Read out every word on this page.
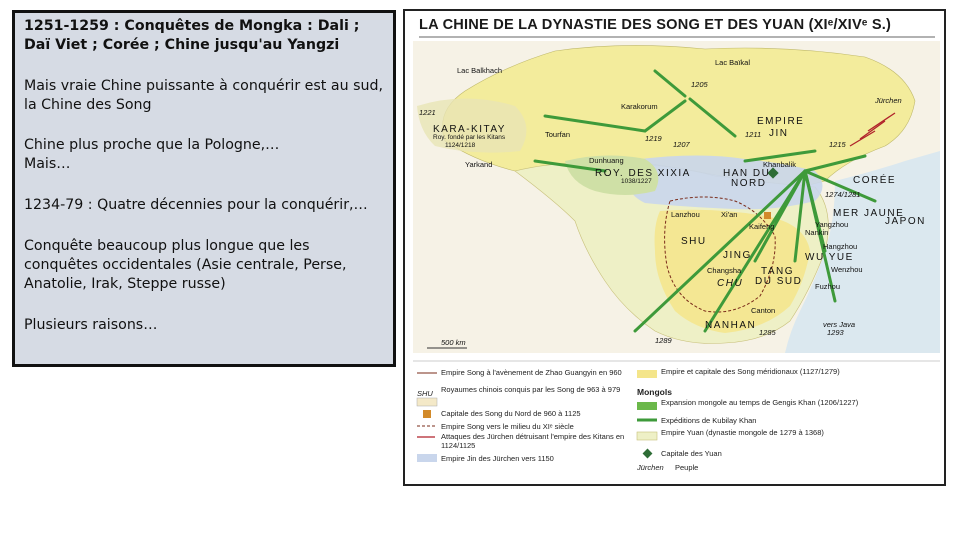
1251-1259 : Conquêtes de Mongka : Dali ; Daï Viet ; Corée ; Chine jusqu'au Yangzi

Mais vraie Chine puissante à conquérir est au sud, la Chine des Song

Chine plus proche que la Pologne,…
Mais…

1234-79 : Quatre décennies pour la conquérir,…

Conquête beaucoup plus longue que les conquêtes occidentales (Asie centrale, Perse, Anatolie, Irak, Steppe russe)

Plusieurs raisons…

LA CHINE DE LA DYNASTIE DES SONG ET DES YUAN (XIᵉ/XIVᵉ S.)
Lac Balkhach
Lac Baïkal
Karakorum
EMPIRE
JIN
Jürchen
KARA-KITAY
Roy. fondé par les Kitans
1124/1218
Tourfan
Yarkand	Dunhuang
ROY. DES XIXIA
1038/1227
Khanbalik
HAN DU
NORD	CORÉE
MER JAUNE
JAPON
Lanzhou	Xi'an
Kaifeng
Nankin
Yangzhou
Hangzhou
SHU
JING	WU YUE
Changsha TANG
DU SUD
CHU
Wenzhou
Fuzhou
Canton
NANHAN	vers Java
1293
500 km
1221
1205
1207
1211
1215
1219
1274/1281
1289
1285
Empire Song à l'avènement de Zhao Guangyin en 960
SHU Royaumes chinois conquis par les Song de 963 à 979
Capitale des Song du Nord de 960 à 1125
Empire Song vers le milieu du XIᵉ siècle
Attaques des Jürchen détruisant l'empire des Kitans en 1124/1125
Empire Jin des Jürchen vers 1150
Empire et capitale des Song méridionaux (1127/1279)
Mongols
Expansion mongole au temps de Gengis Khan (1206/1227)
Expéditions de Kubilay Khan
Empire Yuan (dynastie mongole de 1279 à 1368)
Capitale des Yuan
Jürchen Peuple
